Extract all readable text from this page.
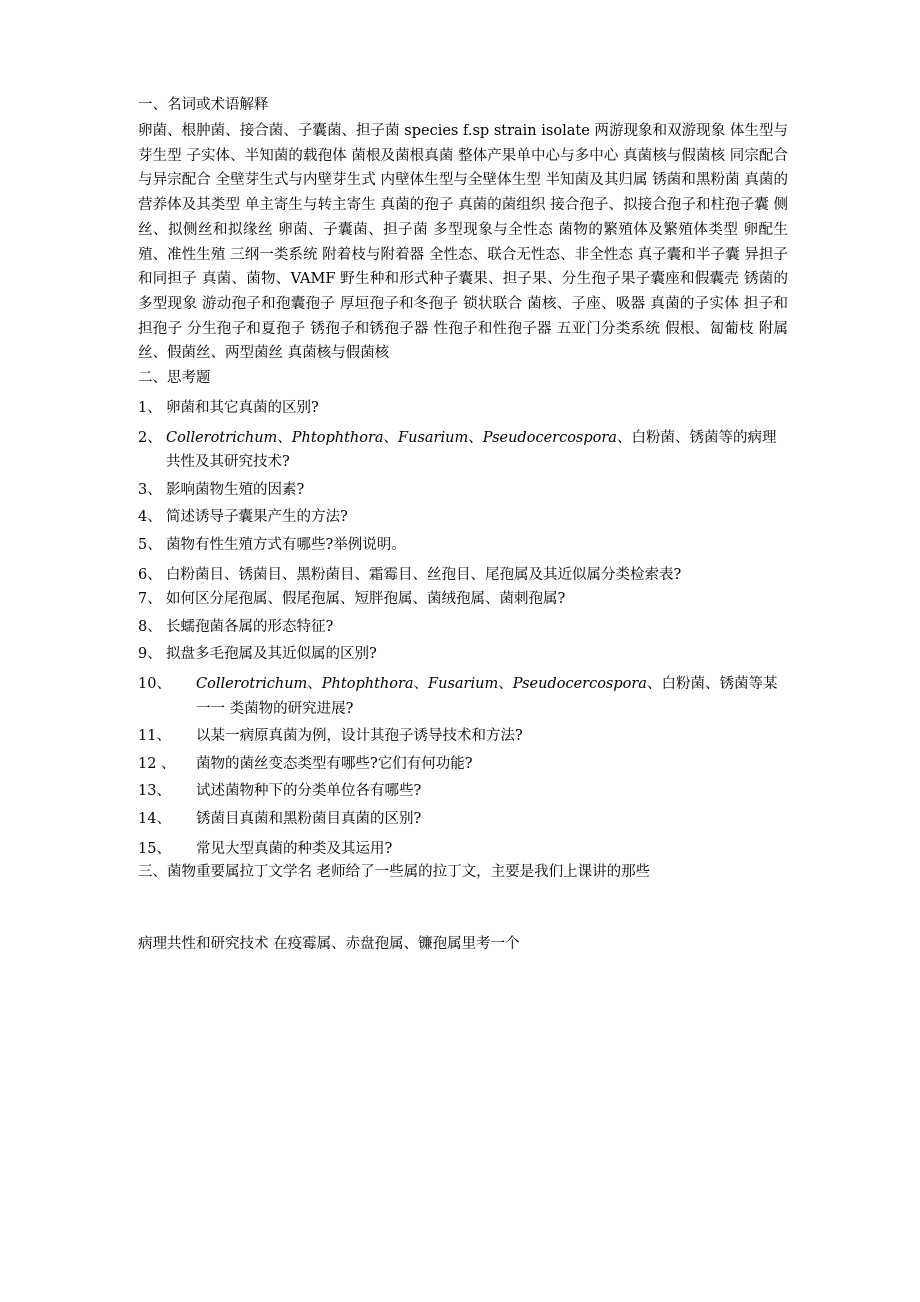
一、名词或术语解释
卵菌、根肿菌、接合菌、子囊菌、担子菌 species f.sp strain isolate 两游现象和双游现象 体生型与芽生型 子实体、半知菌的载孢体 菌根及菌根真菌 整体产果单中心与多中心 真菌核与假菌核 同宗配合与异宗配合 全壁芽生式与内壁芽生式 内壁体生型与全壁体生型 半知菌及其归属 锈菌和黑粉菌 真菌的营养体及其类型 单主寄生与转主寄生 真菌的孢子 真菌的菌组织 接合孢子、拟接合孢子和柱孢子囊 侧丝、拟侧丝和拟缘丝 卵菌、子囊菌、担子菌 多型现象与全性态 菌物的繁殖体及繁殖体类型 卵配生殖、准性生殖 三纲一类系统 附着枝与附着器 全性态、联合无性态、非全性态 真子囊和半子囊 异担子和同担子 真菌、菌物、VAMF 野生种和形式种子囊果、担子果、分生孢子果子囊座和假囊壳 锈菌的多型现象 游动孢子和孢囊孢子 厚垣孢子和冬孢子 锁状联合 菌核、子座、吸器 真菌的子实体 担子和担孢子 分生孢子和夏孢子 锈孢子和锈孢子器 性孢子和性孢子器 五亚门分类系统 假根、匐葡枝 附属丝、假菌丝、两型菌丝 真菌核与假菌核
二、思考题
1、 卵菌和其它真菌的区别?
2、 Collerotrichum、Phtophthora、Fusarium、Pseudocercospora、白粉菌、锈菌等的病理共性及其研究技术?
3、 影响菌物生殖的因素?
4、 简述诱导子囊果产生的方法?
5、 菌物有性生殖方式有哪些?举例说明。
6、 白粉菌目、锈菌目、黑粉菌目、霜霉目、丝孢目、尾孢属及其近似属分类检索表?
7、 如何区分尾孢属、假尾孢属、短胖孢属、菌绒孢属、菌刺孢属?
8、 长蠕孢菌各属的形态特征?
9、 拟盘多毛孢属及其近似属的区别?
10、	Collerotrichum、Phtophthora、Fusarium、Pseudocercospora、白粉菌、锈菌等某一一 类菌物的研究进展?
11、 以某一病原真菌为例，设计其孢子诱导技术和方法?
12 、 菌物的菌丝变态类型有哪些?它们有何功能?
13、 试述菌物种下的分类单位各有哪些?
14、 锈菌目真菌和黑粉菌目真菌的区别?
15、 常见大型真菌的种类及其运用?
三、菌物重要属拉丁文学名 老师给了一些属的拉丁文，主要是我们上课讲的那些
病理共性和研究技术 在疫霉属、赤盘孢属、镰孢属里考一个
